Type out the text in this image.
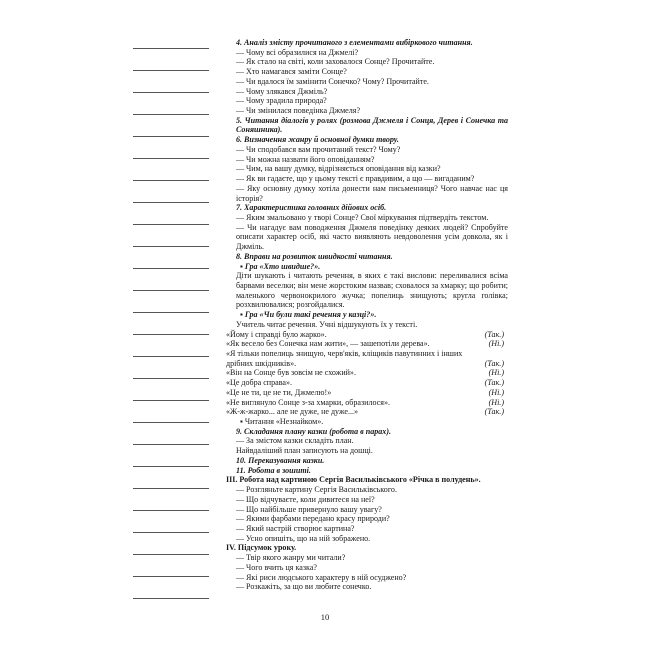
4. Аналіз змісту прочитаного з елементами вибіркового читання.
— Чому всі образилися на Джмелі?
— Як стало на світі, коли заховалося Сонце? Прочитайте.
— Хто намагався заміти Сонце?
— Чи вдалося їм замінити Сонечко? Чому? Прочитайте.
— Чому злякався Джміль?
— Чому зрадила природа?
— Чи змінилася поведінка Джмеля?
5. Читання діалогів у ролях (розмова Джмеля і Сонця, Дерев і Сонечка та Соняшника).
6. Визначення жанру й основної думки твору.
— Чи сподобався вам прочитаний текст? Чому?
— Чи можна назвати його оповіданням?
— Чим, на вашу думку, відрізняється оповідання від казки?
— Як ви гадаєте, що у цьому тексті є правдивим, а що — вигаданим?
— Яку основну думку хотіла донести нам письменниця? Чого навчає нас ця історія?
7. Характеристика головних дійових осіб.
— Яким змальовано у творі Сонце? Свої міркування підтвердіть текстом.
— Чи нагадує вам поводження Джмеля поведінку деяких людей? Спробуйте описати характер осіб, які часто виявляють невдоволення усім довкола, як і Джміль.
8. Вправи на розвиток швидкості читання.
▪ Гра «Хто швидше?».
Діти шукають і читають речення, в яких є такі вислови: переливалися всіма барвами веселки; він мене жорстоким назвав; сховалося за хмарку; що робити; маленького червонокрилого жучка; попелиць знищують; кругла голівка; розхвилювалися; розгойдалися.
▪ Гра «Чи були такі речення у казці?».
Учитель читає речення. Учні відшукують їх у тексті.
«Йому і справді було жарко».	(Так.)
«Як весело без Сонечка нам жити», — зашепотіли дерева».	(Ні.)
«Я тільки попелиць знищую, черв'яків, кліщиків павутинних і інших дрібних шкідників».	(Так.)
«Він на Сонце був зовсім не схожий».	(Ні.)
«Це добра справа».	(Так.)
«Це не ти, це не ти, Джмелю!»	(Ні.)
«Не виглянуло Сонце з-за хмарки, образилося».	(Ні.)
«Ж-ж-жарко... але не дуже, не дуже...»	(Так.)
▪ Читання «Незнайком».
9. Складання плану казки (робота в парах).
— За змістом казки складіть план.
Найвдаліший план записують на дошці.
10. Переказування казки.
11. Робота в зошиті.
III. Робота над картиною Сергія Васильківського «Річка в полудень».
— Розгляньте картину Сергія Васильківського.
— Що відчуваєте, коли дивитеся на неї?
— Що найбільше привернуло вашу увагу?
— Якими фарбами передано красу природи?
— Який настрій створює картина?
— Усно опишіть, що на ній зображено.
IV. Підсумок уроку.
— Твір якого жанру ми читали?
— Чого вчить ця казка?
— Які риси людського характеру в ній осуджено?
— Розкажіть, за що ви любите сонечко.
10
